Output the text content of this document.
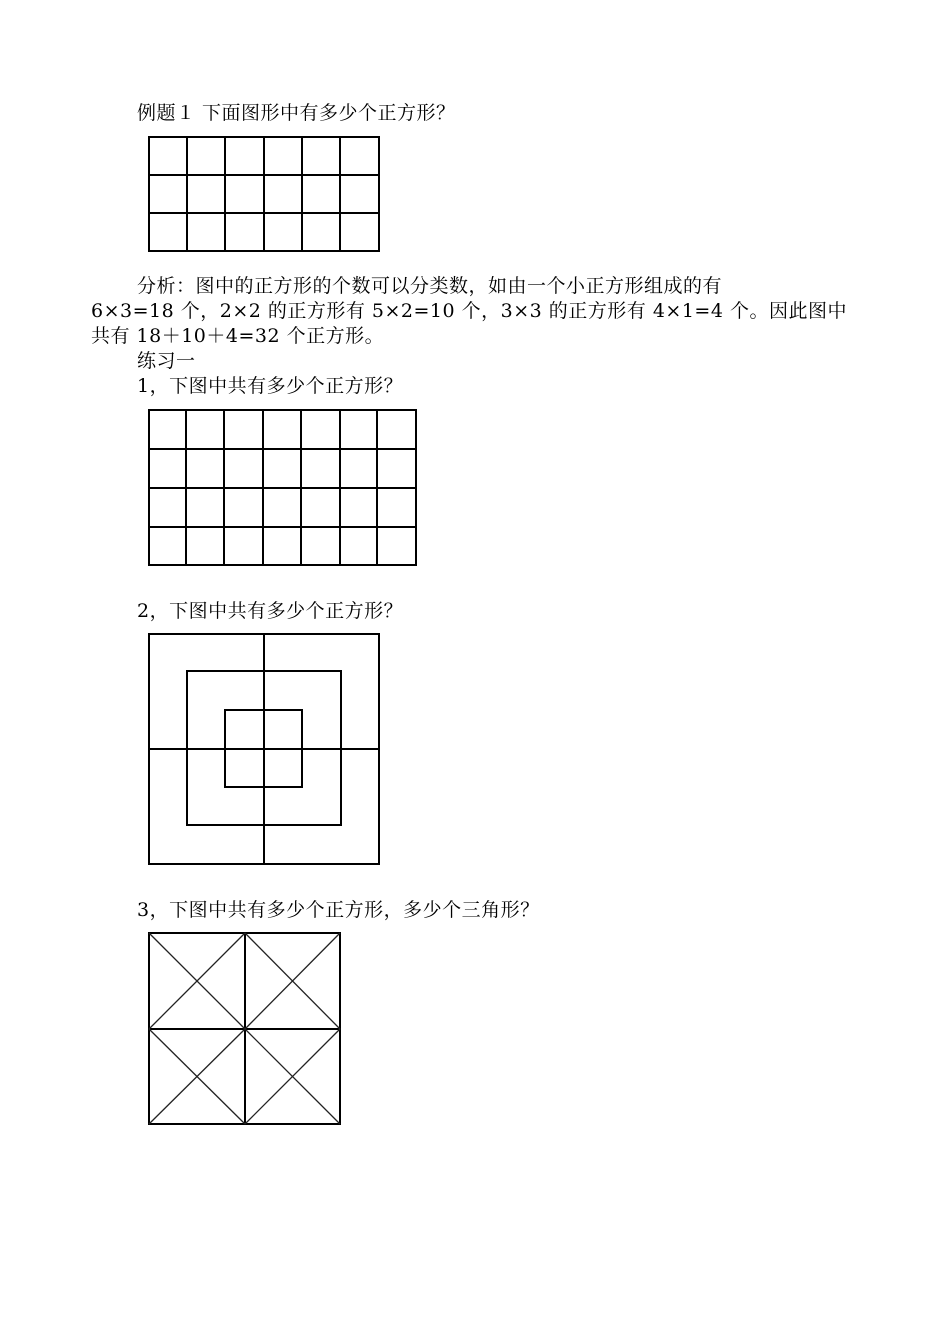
例题１ 下面图形中有多少个正方形？
分析：图中的正方形的个数可以分类数，如由一个小正方形组成的有
6×3=18 个，2×2 的正方形有 5×2=10 个，3×3 的正方形有 4×1=4 个。因此图中
共有 18＋10＋4=32 个正方形。
练习一
1，下图中共有多少个正方形？
2，下图中共有多少个正方形？
3，下图中共有多少个正方形，多少个三角形？
